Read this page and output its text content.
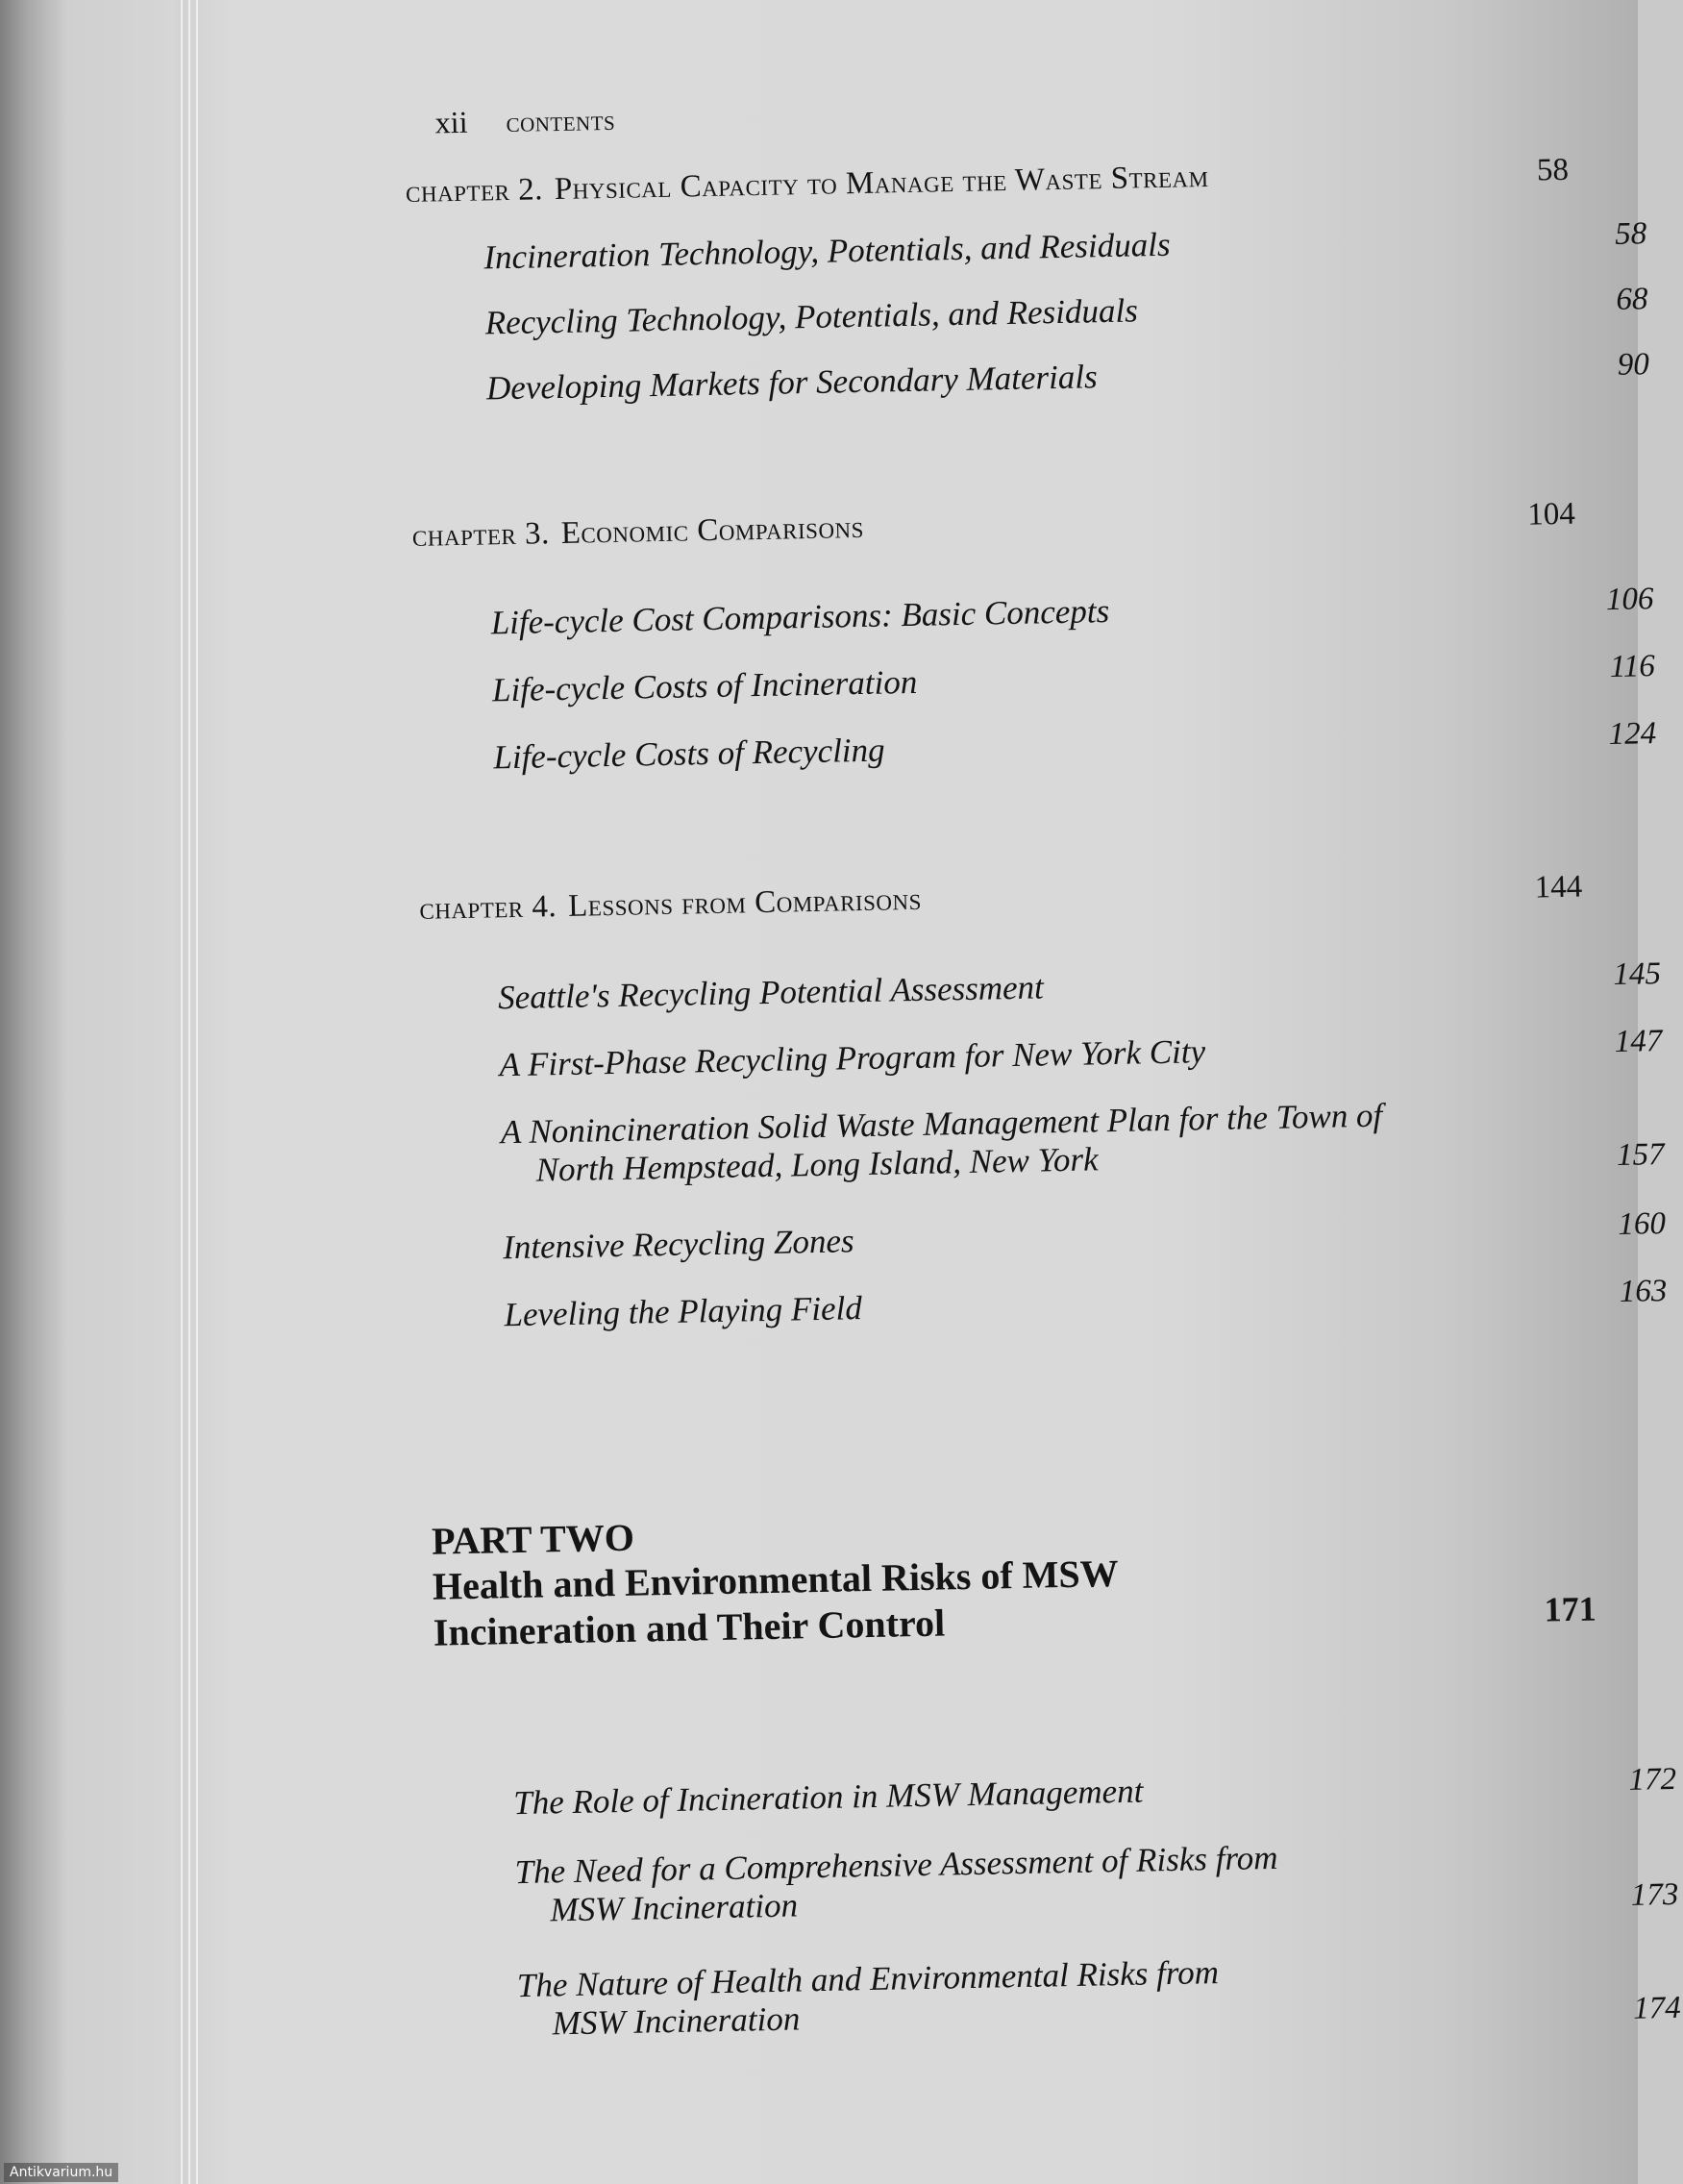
xii contents
chapter 2. Physical Capacity to Manage the Waste Stream	58
Incineration Technology, Potentials, and Residuals	58
Recycling Technology, Potentials, and Residuals	68
Developing Markets for Secondary Materials	90
chapter 3. Economic Comparisons	104
Life-cycle Cost Comparisons: Basic Concepts	106
Life-cycle Costs of Incineration	116
Life-cycle Costs of Recycling	124
chapter 4. Lessons from Comparisons	144
Seattle's Recycling Potential Assessment	145
A First-Phase Recycling Program for New York City	147
A Nonincineration Solid Waste Management Plan for the Town of
North Hempstead, Long Island, New York	157
Intensive Recycling Zones	160
Leveling the Playing Field	163
PART TWO
Health and Environmental Risks of MSW
Incineration and Their Control	171
The Role of Incineration in MSW Management	172
The Need for a Comprehensive Assessment of Risks from
MSW Incineration	173
The Nature of Health and Environmental Risks from
MSW Incineration	174
Antikvarium.hu
